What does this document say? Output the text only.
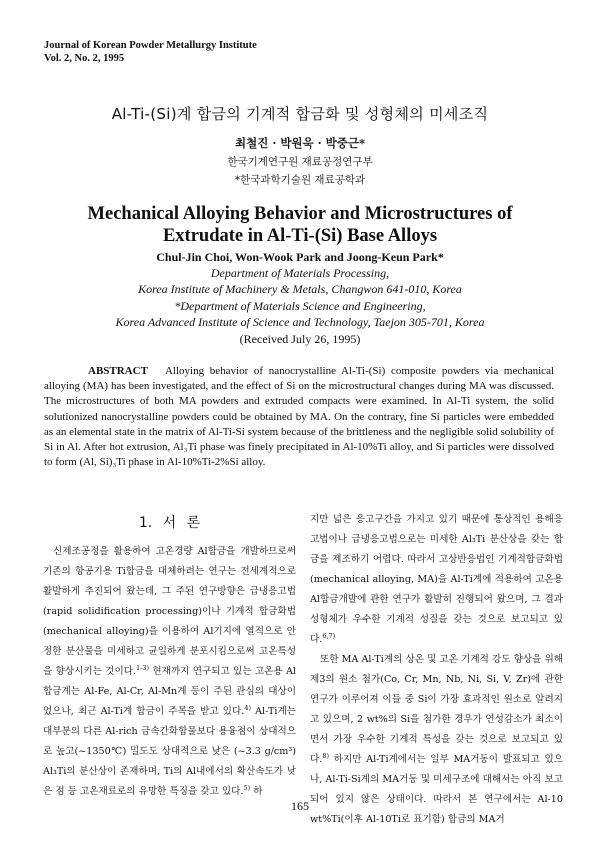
Journal of Korean Powder Metallurgy Institute
Vol. 2, No. 2, 1995
Al-Ti-(Si)계 합금의 기계적 합금화 및 성형체의 미세조직
최철진 · 박원욱 · 박중근*
한국기계연구원 재료공정연구부
*한국과학기술원 재료공학과
Mechanical Alloying Behavior and Microstructures of
Extrudate in Al-Ti-(Si) Base Alloys
Chul-Jin Choi, Won-Wook Park and Joong-Keun Park*
Department of Materials Processing,
Korea Institute of Machinery & Metals, Changwon 641-010, Korea
*Department of Materials Science and Engineering,
Korea Advanced Institute of Science and Technology, Taejon 305-701, Korea
(Received July 26, 1995)
ABSTRACT Alloying behavior of nanocrystalline Al-Ti-(Si) composite powders via mechanical alloying (MA) has been investigated, and the effect of Si on the microstructural changes during MA was discussed. The microstructures of both MA powders and extruded compacts were examined. In Al-Ti system, the solid solutionized nanocrystalline powders could be obtained by MA. On the contrary, fine Si particles were embedded as an elemental state in the matrix of Al-Ti-Si system because of the brittleness and the negligible solid solubility of Si in Al. After hot extrusion, Al₃Ti phase was finely precipitated in Al-10%Ti alloy, and Si particles were dissolved to form (Al, Si)₃Ti phase in Al-10%Ti-2%Si alloy.
1. 서 론

신제조공정을 활용하여 고온경량 Al합금을 개발하므로써 기존의 항공기용 Ti합금을 대체하려는 연구는 전세계적으로 활발하게 추진되어 왔는데, 그 주된 연구방향은 급냉응고법(rapid solidification processing)이나 기계적 합금화법(mechanical alloying)을 이용하여 Al기지에 열적으로 안정한 분산물을 미세하고 균일하게 분포시킴으로써 고온특성을 향상시키는 것이다.$^{1-3)}$ 현재까지 연구되고 있는 고온용 Al합금계는 Al-Fe, Al-Cr, Al-Mn계 등이 주된 관심의 대상이었으나, 최근 Al-Ti계 합금이 주목을 받고 있다.$^{4)}$ Al-Ti계는 대부분의 다른 Al-rich 금속간화합물보다 용융점이 상대적으로 높고(~1350℃) 밀도도 상대적으로 낮은 (~3.3 g/cm³) Al₃Ti의 분산상이 존재하며, Ti의 Al내에서의 확산속도가 낮은 점 등 고온재료로의 유망한 특징을 갖고 있다.$^{5)}$ 하

지만 넓은 응고구간을 가지고 있기 때문에 통상적인 용해응고법이나 급냉응고법으로는 미세한 Al₃Ti 분산상을 갖는 합금을 제조하기 어렵다. 따라서 고상반응법인 기계적합금화법(mechanical alloying, MA)을 Al-Ti계에 적용하여 고온용 Al합금개발에 관한 연구가 활발히 진행되어 왔으며, 그 결과 성형체가 우수한 기계적 성질을 갖는 것으로 보고되고 있다.$^{6,7)}$

또한 MA Al-Ti계의 상온 및 고온 기계적 강도 향상을 위해 제3의 원소 첨가(Co, Cr, Mn, Nb, Ni, Si, V, Zr)에 관한 연구가 이루어져 이들 중 Si이 가장 효과적인 원소로 알려지고 있으며, 2 wt%의 Si을 첨가한 경우가 연성감소가 최소이면서 가장 우수한 기계적 특성을 갖는 것으로 보고되고 있다.$^{8)}$ 하지만 Al-Ti계에서는 일부 MA거동이 발표되고 있으나, Al-Ti-Si계의 MA거동 및 미세구조에 대해서는 아직 보고되어 있지 않은 상태이다. 따라서 본 연구에서는 Al-10 wt%Ti(이후 Al-10Ti로 표기함) 합금의 MA거

165
